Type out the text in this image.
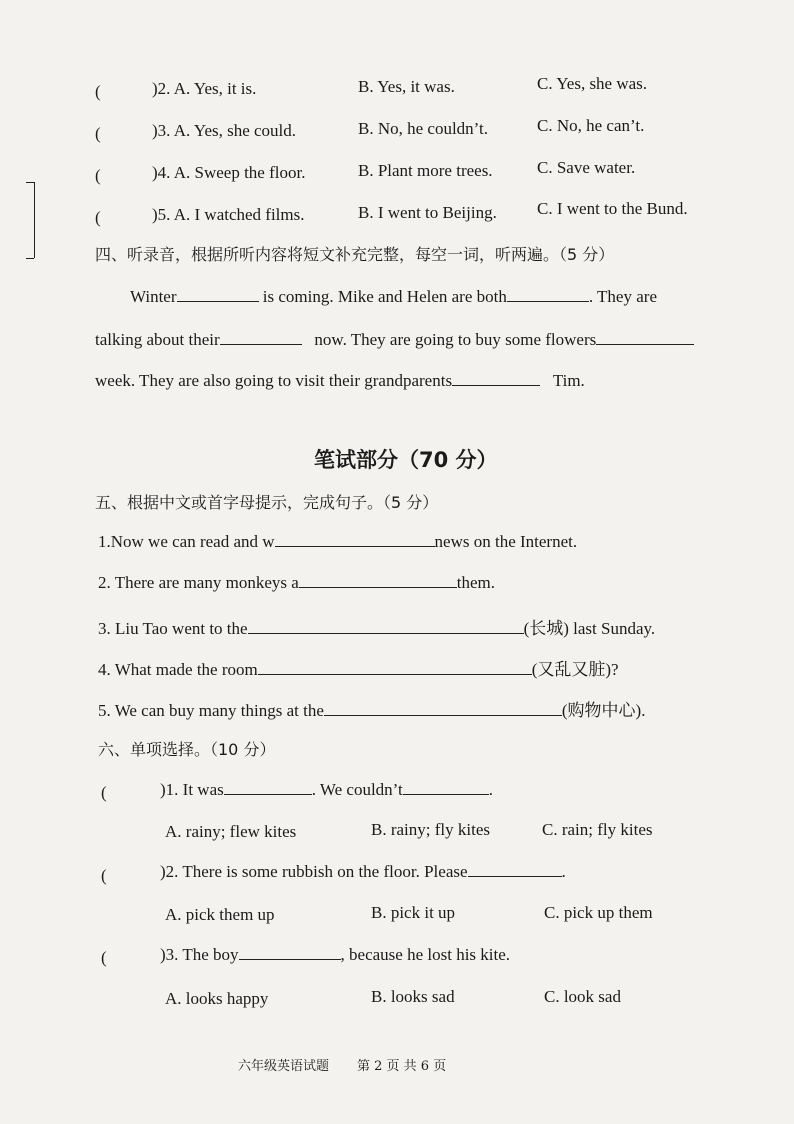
(	)2. A. Yes, it is.	B. Yes, it was.	C. Yes, she was.
(	)3. A. Yes, she could.	B. No, he couldn’t.	C. No, he can’t.
(	)4. A. Sweep the floor.	B. Plant more trees.	C. Save water.
(	)5. A. I watched films.	B. I went to Beijing. C. I went to the Bund.
四、听录音，根据所听内容将短文补充完整，每空一词，听两遍。（5 分）
Winter	is coming. Mike and Helen are both	. They are
talking about their	now. They are going to buy some flowers
week. They are also going to visit their grandparents	Tim.
笔试部分（70 分）
五、根据中文或首字母提示，完成句子。（5 分）
1.Now we can read and w	news on the Internet.
2. There are many monkeys a	them.
3. Liu Tao went to the	(长城) last Sunday.
4. What made the room	(又乱又脏)?
5. We can buy many things at the	(购物中心).
六、单项选择。（10 分）
(	)1. It was	. We couldn’t	.
A. rainy; flew kites	B. rainy; fly kites	C. rain; fly kites
(	)2. There is some rubbish on the floor. Please	.
A. pick them up	B. pick it up	C. pick up them
(	)3. The boy	, because he lost his kite.
A. looks happy	B. looks sad	C. look sad
六年级英语试题 第 2 页 共 6 页
